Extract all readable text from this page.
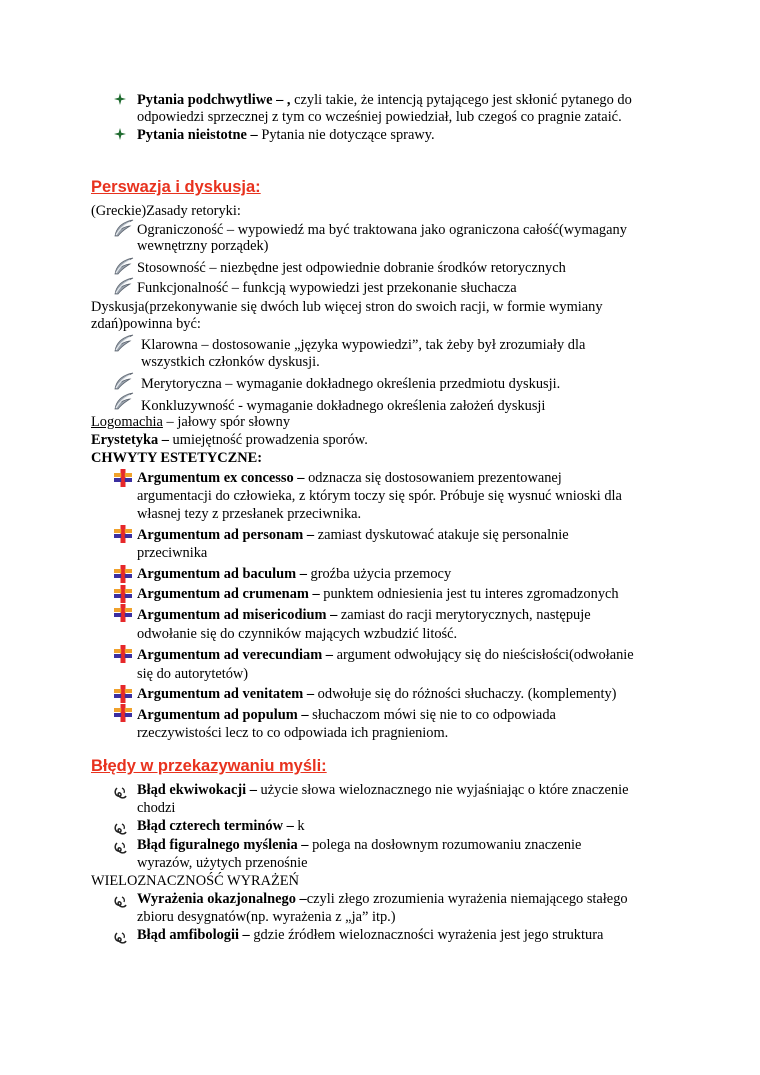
Pytania podchwytliwe – , czyli takie, że intencją pytającego jest skłonić pytanego do
odpowiedzi sprzecznej z tym co wcześniej powiedział, lub czegoś co pragnie zataić.
Pytania nieistotne – Pytania nie dotyczące sprawy.
Perswazja i dyskusja:
(Greckie)Zasady retoryki:
Ograniczoność – wypowiedź ma być traktowana jako ograniczona całość(wymagany
wewnętrzny porządek)
Stosowność – niezbędne jest odpowiednie dobranie środków retorycznych
Funkcjonalność – funkcją wypowiedzi jest przekonanie słuchacza
Dyskusja(przekonywanie się dwóch lub więcej stron do swoich racji, w formie wymiany
zdań)powinna być:
Klarowna – dostosowanie „języka wypowiedzi”, tak żeby był zrozumiały dla
wszystkich członków dyskusji.
Merytoryczna – wymaganie dokładnego określenia przedmiotu dyskusji.
Konkluzywność - wymaganie dokładnego określenia założeń dyskusji
Logomachia – jałowy spór słowny
Erystetyka – umiejętność prowadzenia sporów.
CHWYTY ESTETYCZNE:
Argumentum ex concesso – odznacza się dostosowaniem prezentowanej
argumentacji do człowieka, z którym toczy się spór. Próbuje się wysnuć wnioski dla
własnej tezy z przesłanek przeciwnika.
Argumentum ad personam – zamiast dyskutować atakuje się personalnie
przeciwnika
Argumentum ad baculum – groźba użycia przemocy
Argumentum ad crumenam – punktem odniesienia jest tu interes zgromadzonych
Argumentum ad misericodium – zamiast do racji merytorycznych, następuje
odwołanie się do czynników mających wzbudzić litość.
Argumentum ad verecundiam – argument odwołujący się do nieścisłości(odwołanie
się do autorytetów)
Argumentum ad venitatem – odwołuje się do różności słuchaczy. (komplementy)
Argumentum ad populum – słuchaczom mówi się nie to co odpowiada
rzeczywistości lecz to co odpowiada ich pragnieniom.
Błędy w przekazywaniu myśli:
Błąd ekwiwokacji – użycie słowa wieloznacznego nie wyjaśniając o które znaczenie
chodzi
Błąd czterech terminów – k
Błąd figuralnego myślenia – polega na dosłownym rozumowaniu znaczenie
wyrazów, użytych przenośnie
WIELOZNACZNOŚĆ WYRAŻEŃ
Wyrażenia okazjonalnego –czyli złego zrozumienia wyrażenia niemającego stałego
zbioru desygnatów(np. wyrażenia z „ja” itp.)
Błąd amfibologii – gdzie źródłem wieloznaczności wyrażenia jest jego struktura
